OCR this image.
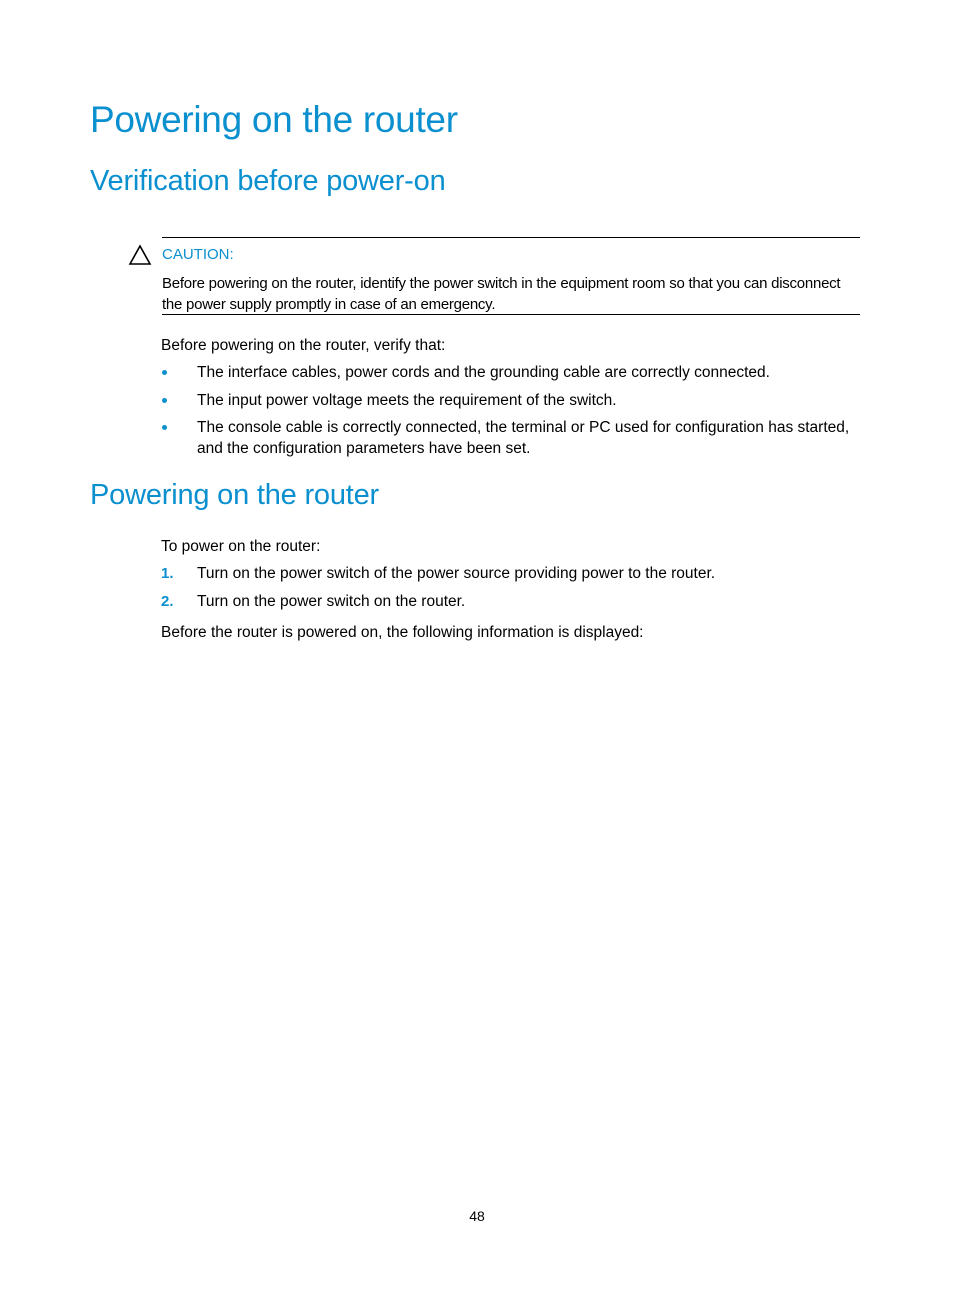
Powering on the router
Verification before power-on
CAUTION:
Before powering on the router, identify the power switch in the equipment room so that you can disconnect the power supply promptly in case of an emergency.
Before powering on the router, verify that:
The interface cables, power cords and the grounding cable are correctly connected.
The input power voltage meets the requirement of the switch.
The console cable is correctly connected, the terminal or PC used for configuration has started, and the configuration parameters have been set.
Powering on the router
To power on the router:
1. Turn on the power switch of the power source providing power to the router.
2. Turn on the power switch on the router.
Before the router is powered on, the following information is displayed:
48
